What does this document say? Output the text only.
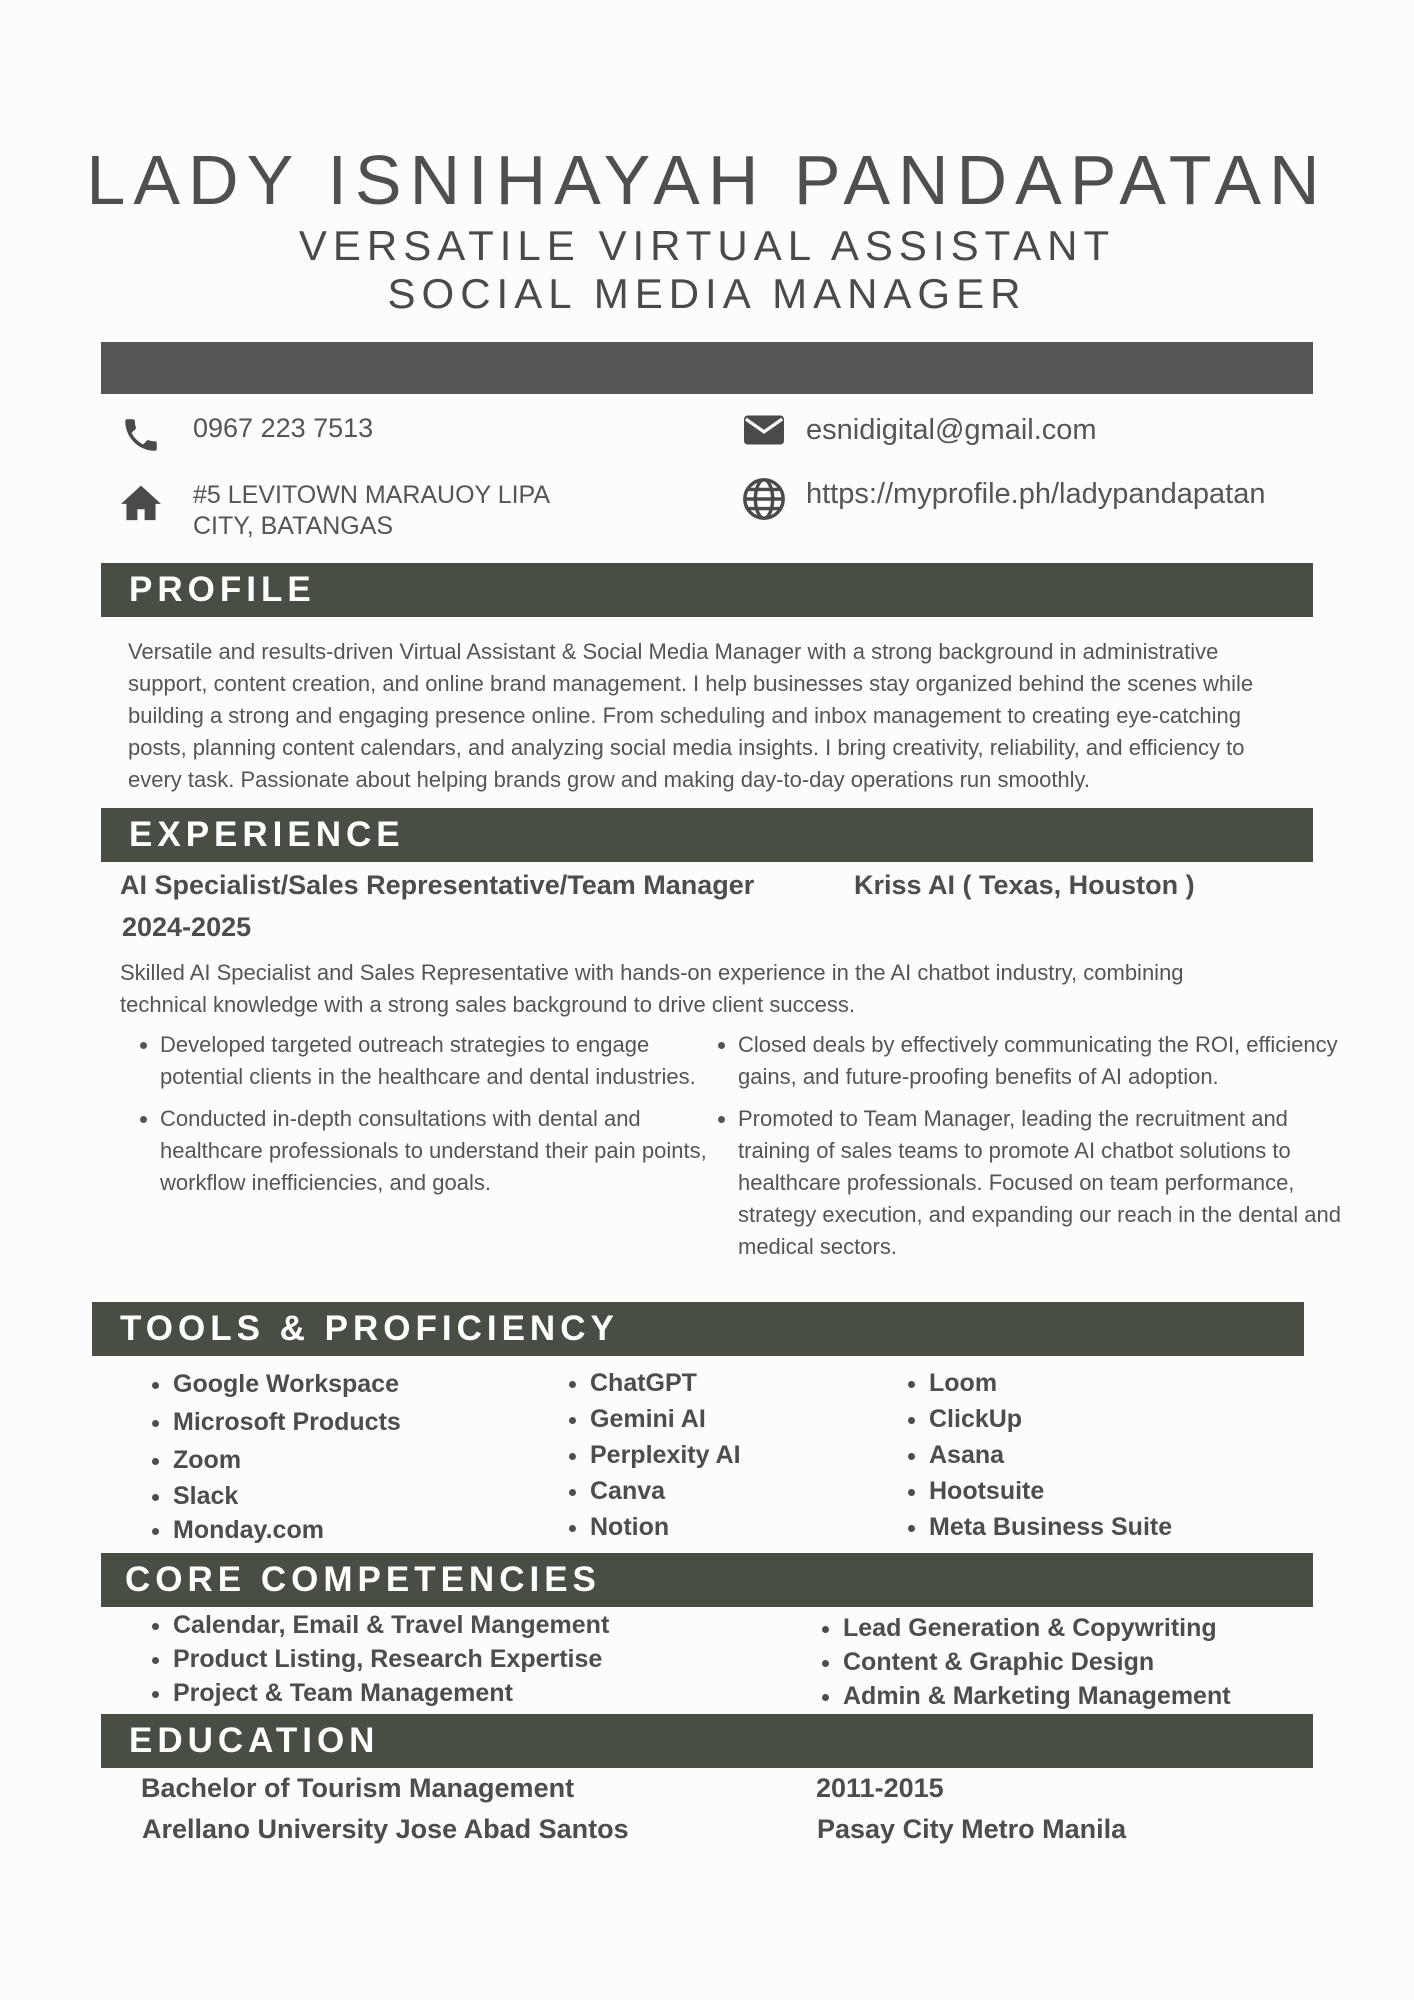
LADY ISNIHAYAH PANDAPATAN
VERSATILE VIRTUAL ASSISTANT
SOCIAL MEDIA MANAGER
0967 223 7513	esnidigital@gmail.com
#5 LEVITOWN MARAUOY LIPA
CITY, BATANGAS
https://myprofile.ph/ladypandapatan
PROFILE
Versatile and results-driven Virtual Assistant & Social Media Manager with a strong background in administrative
support, content creation, and online brand management. I help businesses stay organized behind the scenes while
building a strong and engaging presence online. From scheduling and inbox management to creating eye-catching
posts, planning content calendars, and analyzing social media insights. I bring creativity, reliability, and efficiency to
every task. Passionate about helping brands grow and making day-to-day operations run smoothly.
EXPERIENCE
AI Specialist/Sales Representative/Team Manager	Kriss AI ( Texas, Houston )
2024-2025
Skilled AI Specialist and Sales Representative with hands-on experience in the AI chatbot industry, combining
technical knowledge with a strong sales background to drive client success.
• Developed targeted outreach strategies to engage potential clients in the healthcare and dental industries.
• Conducted in-depth consultations with dental and healthcare professionals to understand their pain points, workflow inefficiencies, and goals.
• Closed deals by effectively communicating the ROI, efficiency gains, and future-proofing benefits of AI adoption.
• Promoted to Team Manager, leading the recruitment and training of sales teams to promote AI chatbot solutions to healthcare professionals. Focused on team performance, strategy execution, and expanding our reach in the dental and medical sectors.
TOOLS & PROFICIENCY
• Google Workspace
• Microsoft Products
• Zoom
• Slack
• Monday.com
• ChatGPT
• Gemini AI
• Perplexity AI
• Canva
• Notion
• Loom
• ClickUp
• Asana
• Hootsuite
• Meta Business Suite
CORE COMPETENCIES
• Calendar, Email & Travel Mangement
• Product Listing, Research Expertise
• Project & Team Management
• Lead Generation & Copywriting
• Content & Graphic Design
• Admin & Marketing Management
EDUCATION
Bachelor of Tourism Management	2011-2015
Arellano University Jose Abad Santos	Pasay City Metro Manila
